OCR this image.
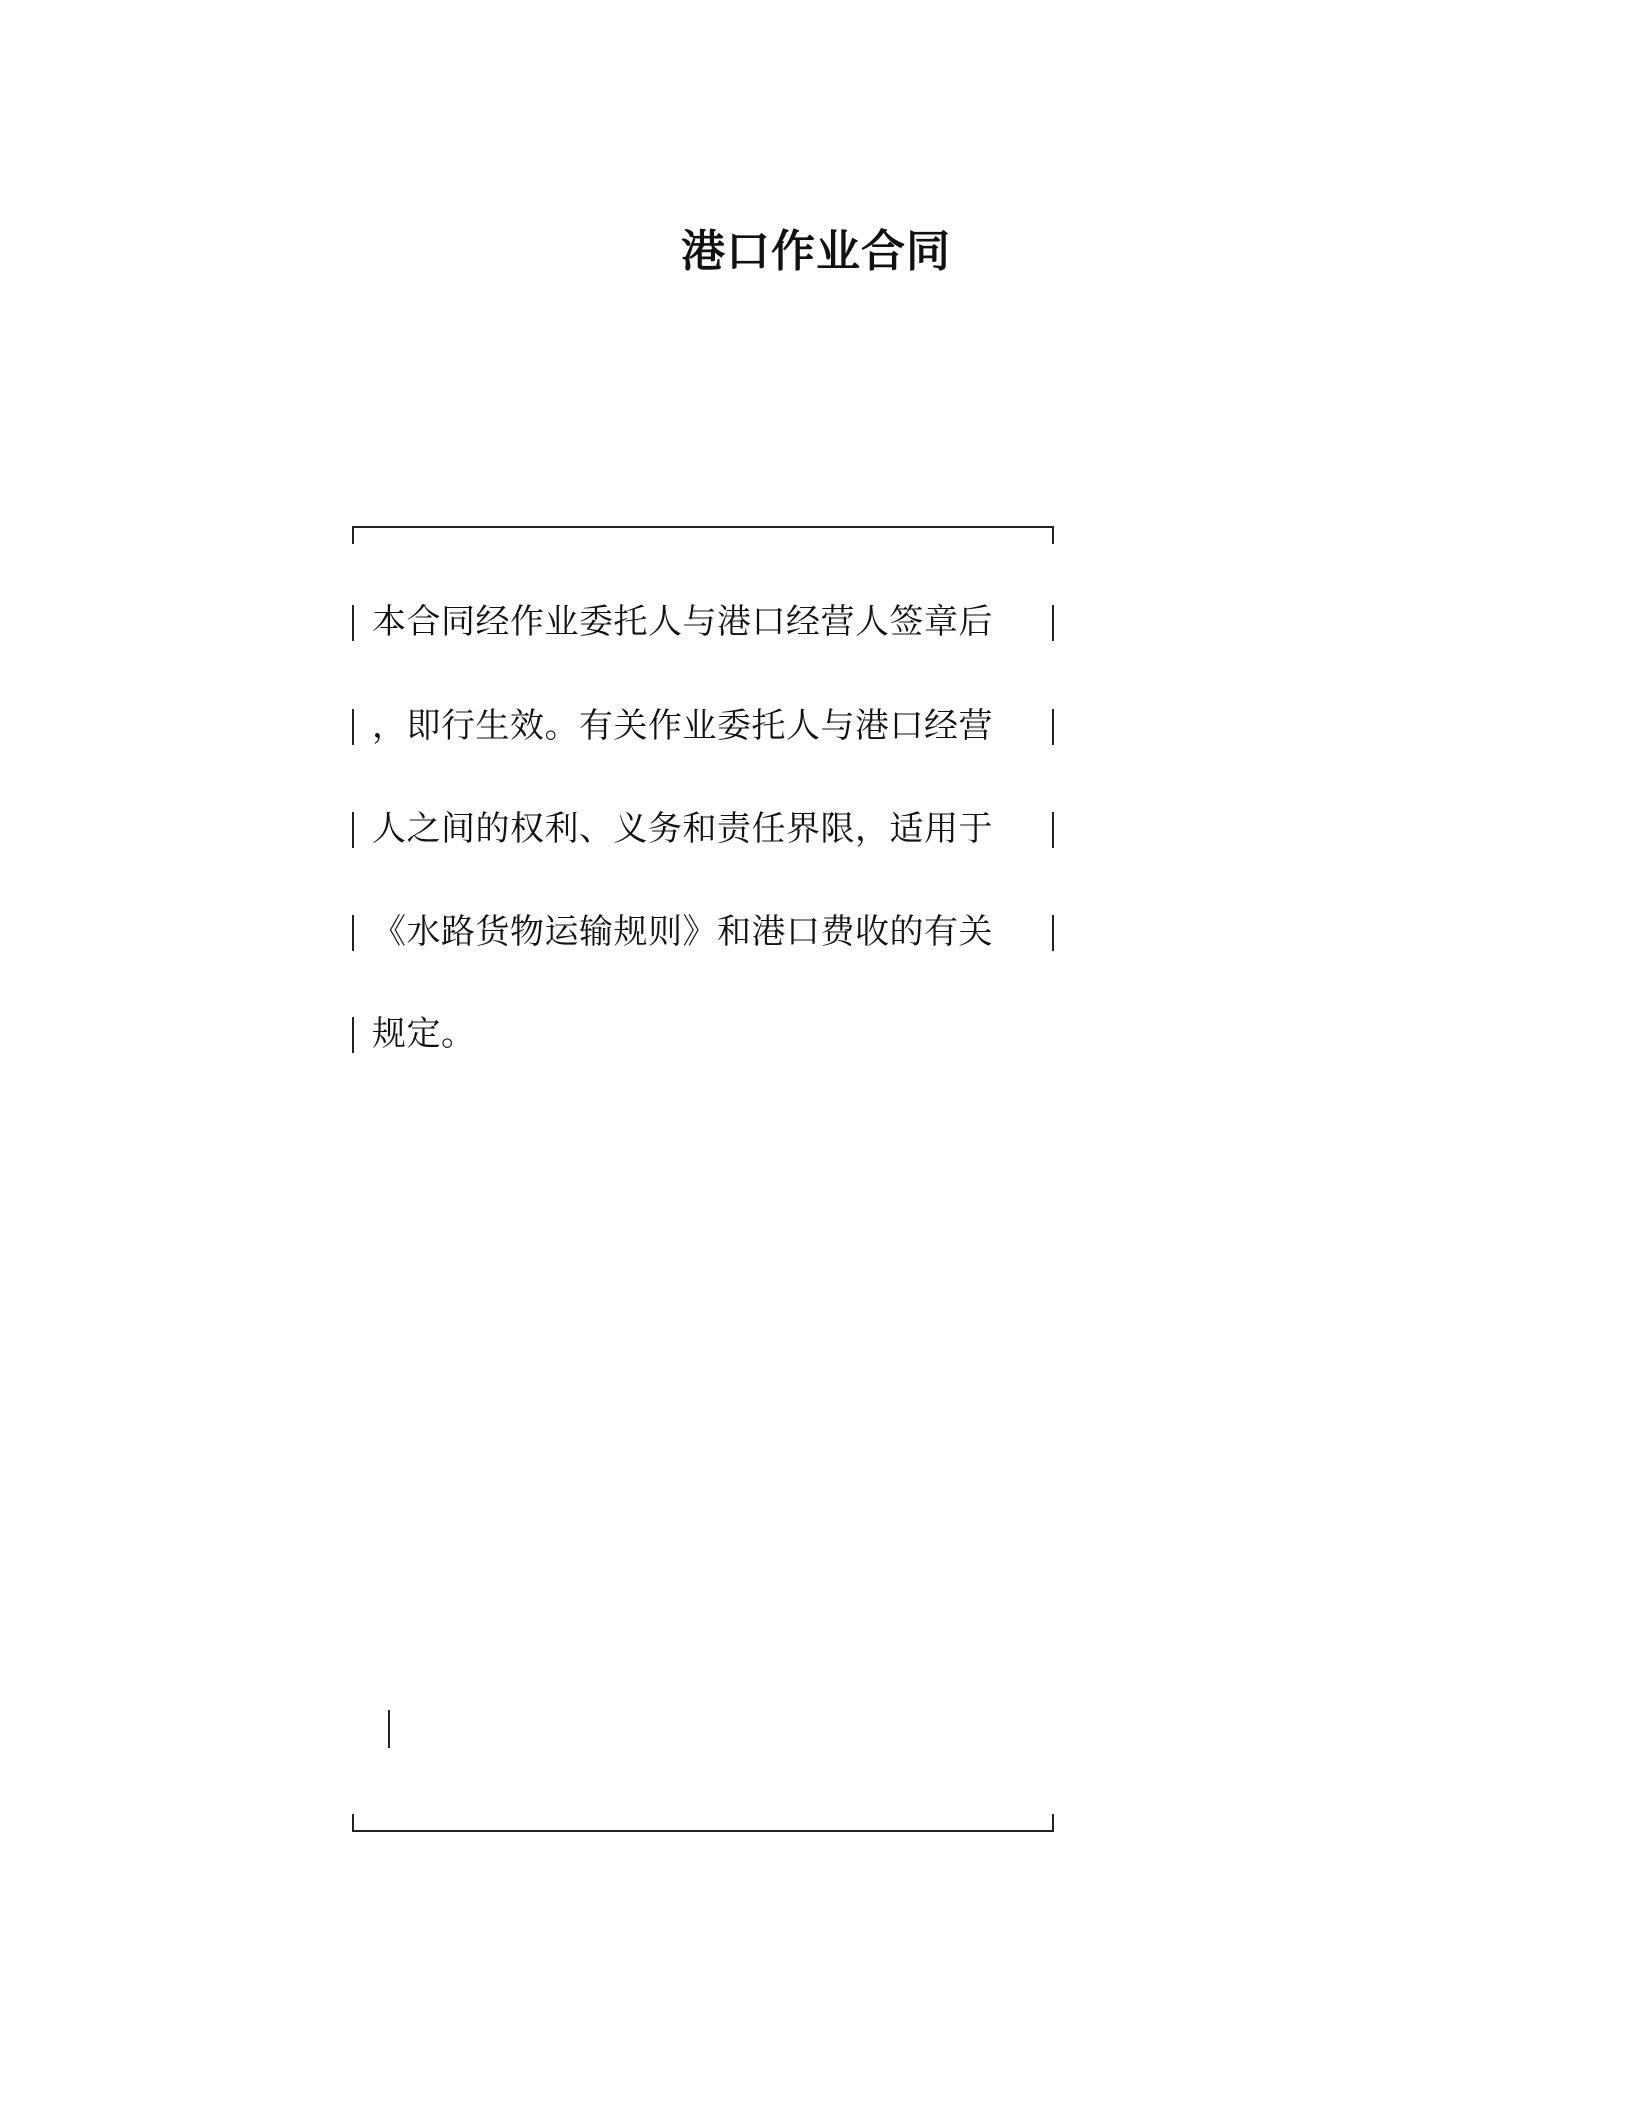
港口作业合同
本合同经作业委托人与港口经营人签章后
，即行生效。有关作业委托人与港口经营
人之间的权利、义务和责任界限，适用于
《水路货物运输规则》和港口费收的有关
规定。
